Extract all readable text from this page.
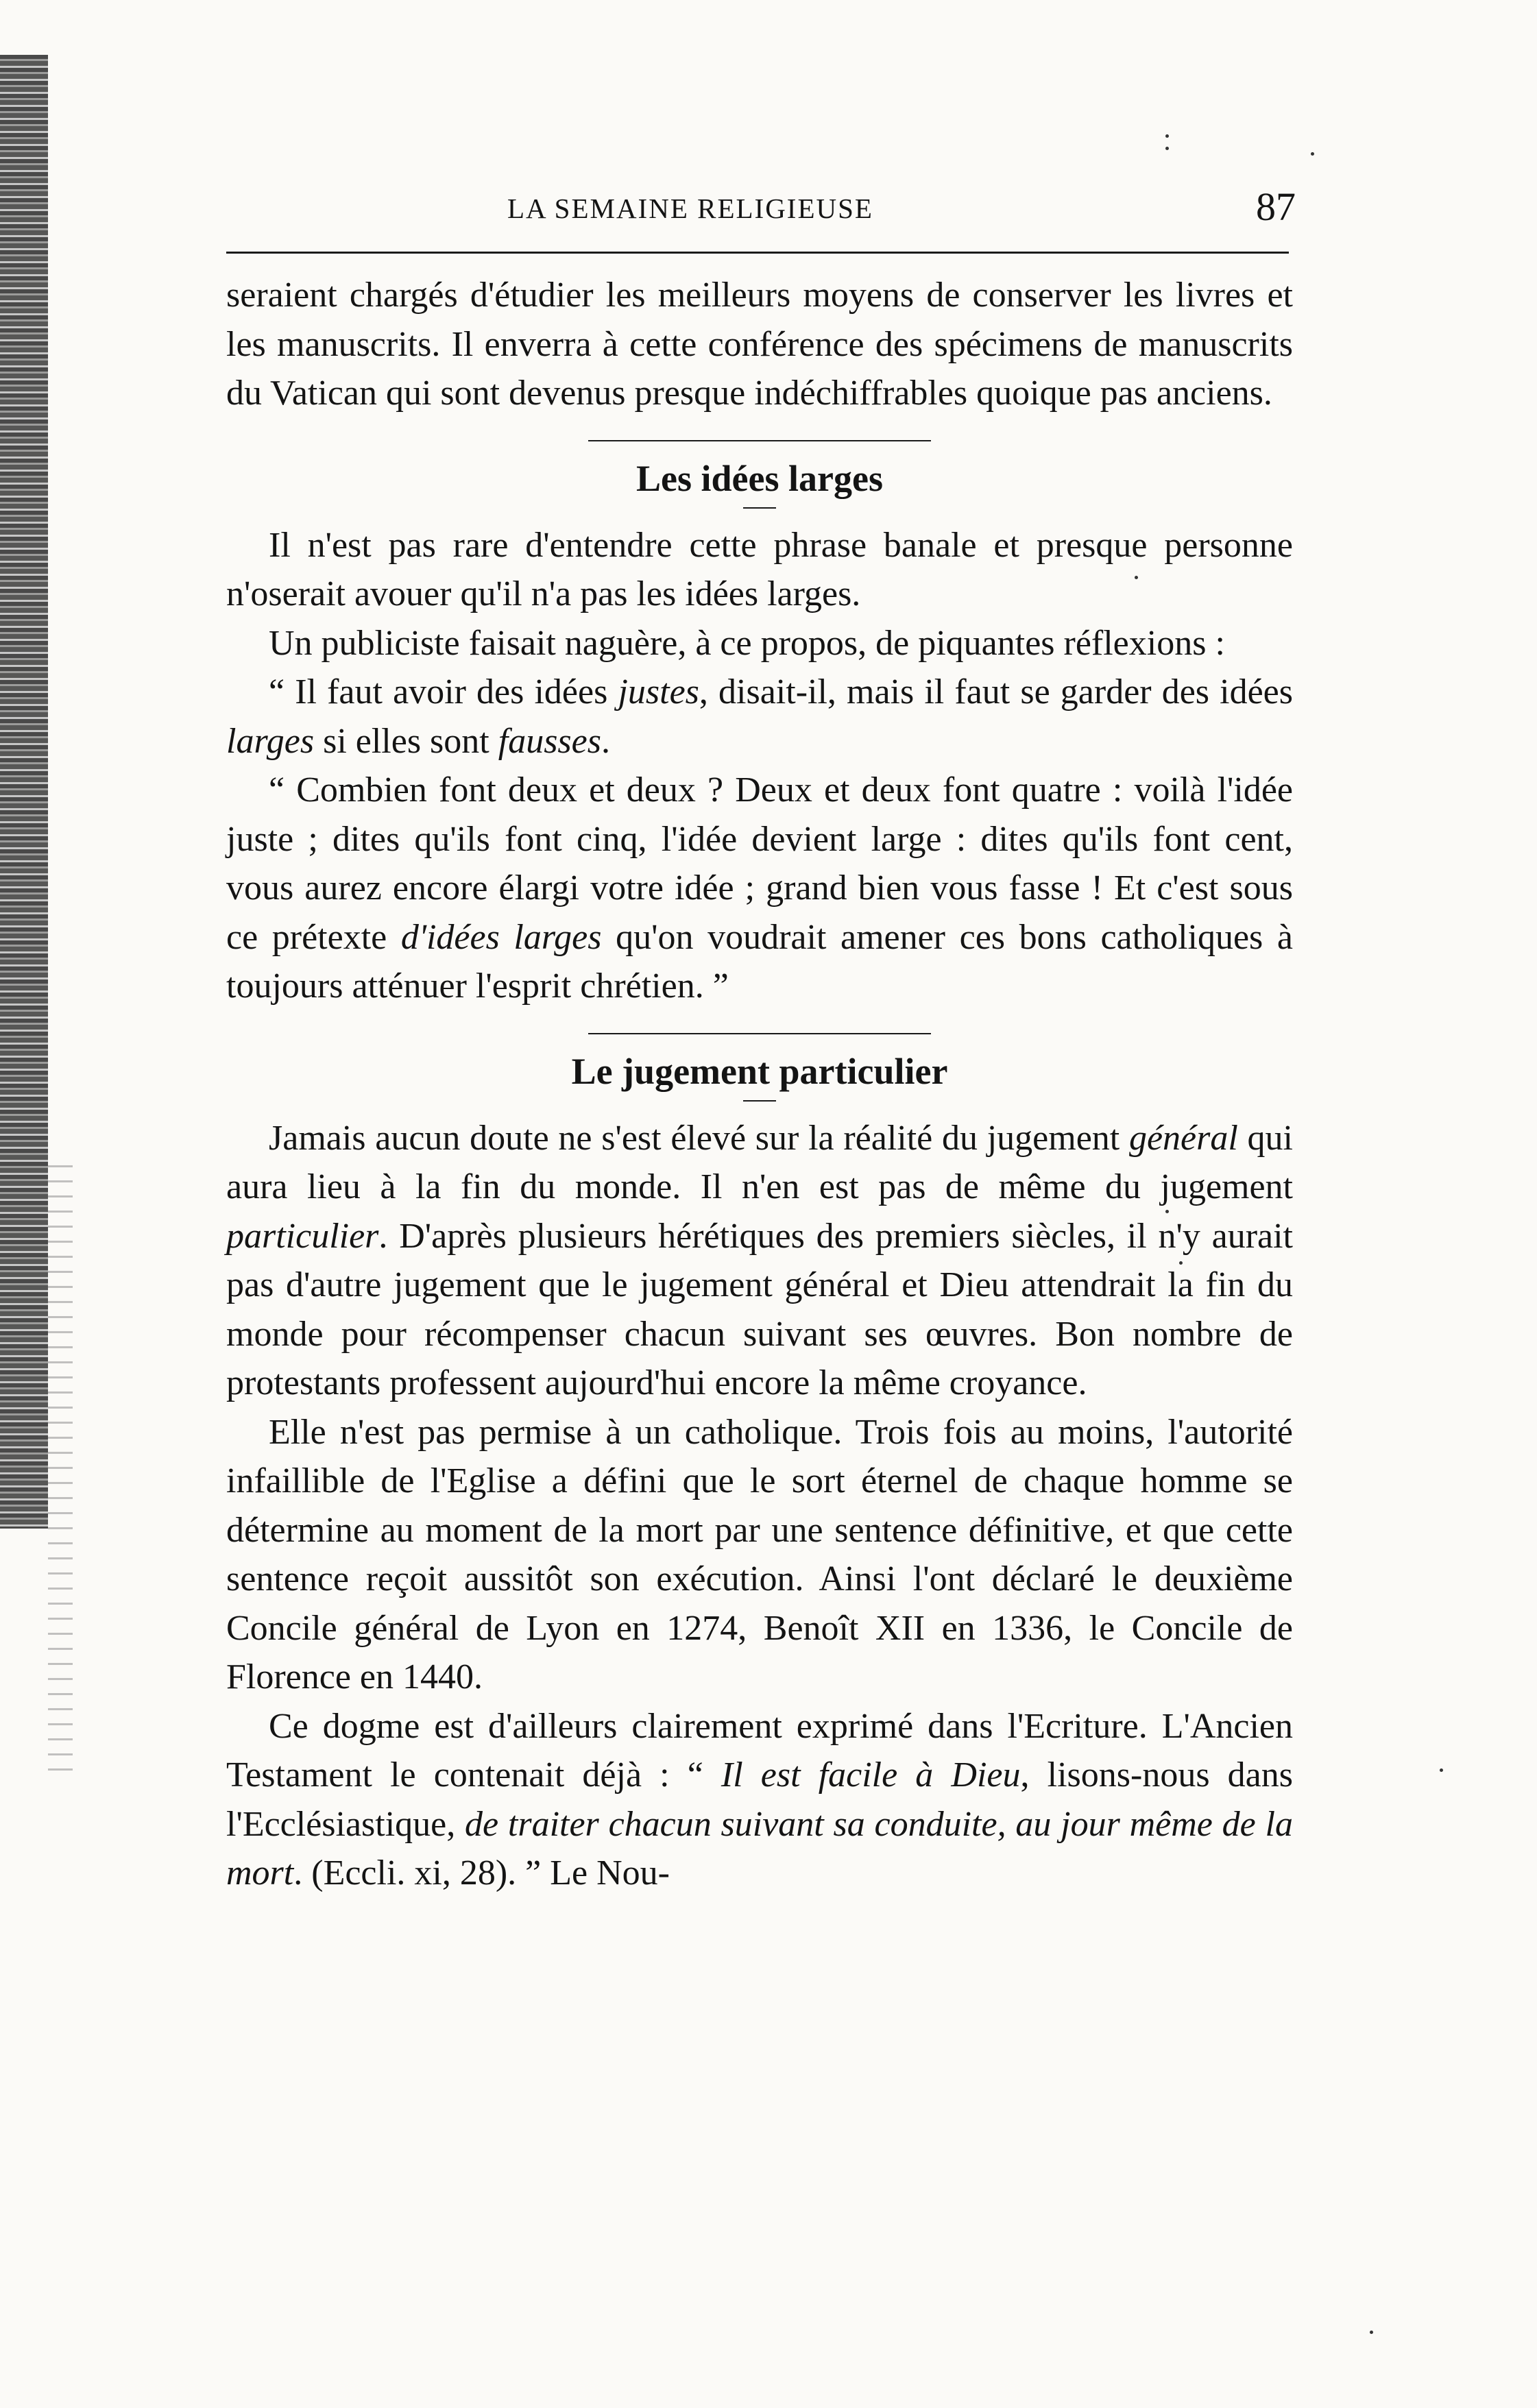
LA SEMAINE RELIGIEUSE	87

seraient chargés d'étudier les meilleurs moyens de conserver les livres et les manuscrits. Il enverra à cette conférence des spécimens de manuscrits du Vatican qui sont devenus presque indéchiffrables quoique pas anciens.

Les idées larges

Il n'est pas rare d'entendre cette phrase banale et presque personne n'oserait avouer qu'il n'a pas les idées larges.

Un publiciste faisait naguère, à ce propos, de piquantes réflexions :

“ Il faut avoir des idées justes, disait-il, mais il faut se garder des idées larges si elles sont fausses.

“ Combien font deux et deux ? Deux et deux font quatre : voilà l'idée juste ; dites qu'ils font cinq, l'idée devient large : dites qu'ils font cent, vous aurez encore élargi votre idée ; grand bien vous fasse ! Et c'est sous ce prétexte d'idées larges qu'on voudrait amener ces bons catholiques à toujours atténuer l'esprit chrétien. ”

Le jugement particulier

Jamais aucun doute ne s'est élevé sur la réalité du jugement général qui aura lieu à la fin du monde. Il n'en est pas de même du jugement particulier. D'après plusieurs hérétiques des premiers siècles, il n'y aurait pas d'autre jugement que le jugement général et Dieu attendrait la fin du monde pour récompenser chacun suivant ses œuvres. Bon nombre de protestants professent aujourd'hui encore la même croyance.

Elle n'est pas permise à un catholique. Trois fois au moins, l'autorité infaillible de l'Eglise a défini que le sort éternel de chaque homme se détermine au moment de la mort par une sentence définitive, et que cette sentence reçoit aussitôt son exécution. Ainsi l'ont déclaré le deuxième Concile général de Lyon en 1274, Benoît XII en 1336, le Concile de Florence en 1440.

Ce dogme est d'ailleurs clairement exprimé dans l'Ecriture. L'Ancien Testament le contenait déjà : “ Il est facile à Dieu, lisons-nous dans l'Ecclésiastique, de traiter chacun suivant sa conduite, au jour même de la mort. (Eccli. xi, 28). ” Le Nou-
